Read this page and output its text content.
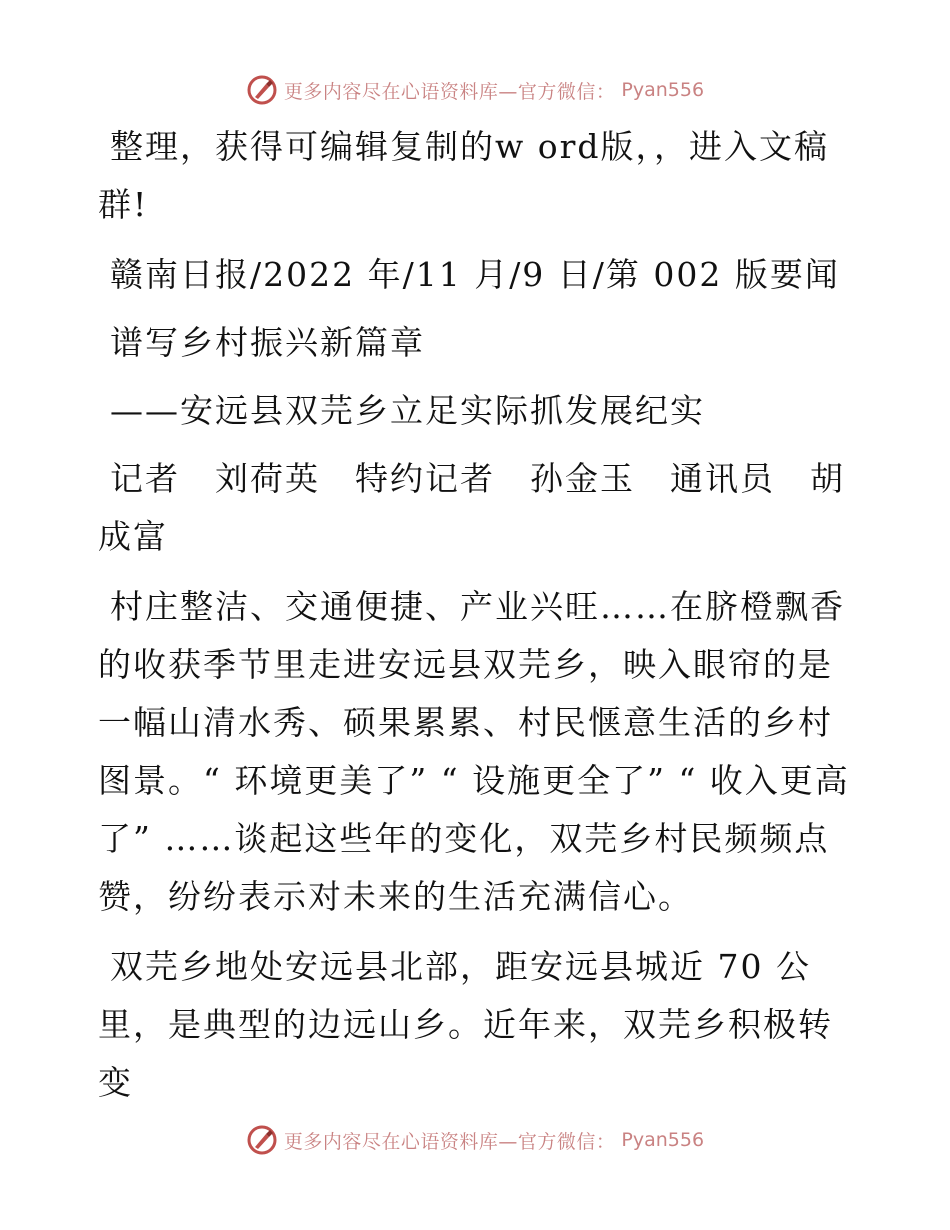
更多内容尽在心语资料库—官方微信： Pyan556

整理，获得可编辑复制的w ord版，，进入文稿群!

赣南日报/2022 年/11 月/9 日/第 002 版要闻

谱写乡村振兴新篇章

——安远县双芫乡立足实际抓发展纪实

记者　刘荷英　特约记者　孙金玉　通讯员　胡成富

村庄整洁、交通便捷、产业兴旺……在脐橙飘香的收获季节里走进安远县双芫乡，映入眼帘的是一幅山清水秀、硕果累累、村民惬意生活的乡村图景。“ 环境更美了” “ 设施更全了” “ 收入更高了” ……谈起这些年的变化，双芫乡村民频频点赞，纷纷表示对未来的生活充满信心。

双芫乡地处安远县北部，距安远县城近 70 公里，是典型的边远山乡。近年来，双芫乡积极转变

更多内容尽在心语资料库—官方微信： Pyan556
